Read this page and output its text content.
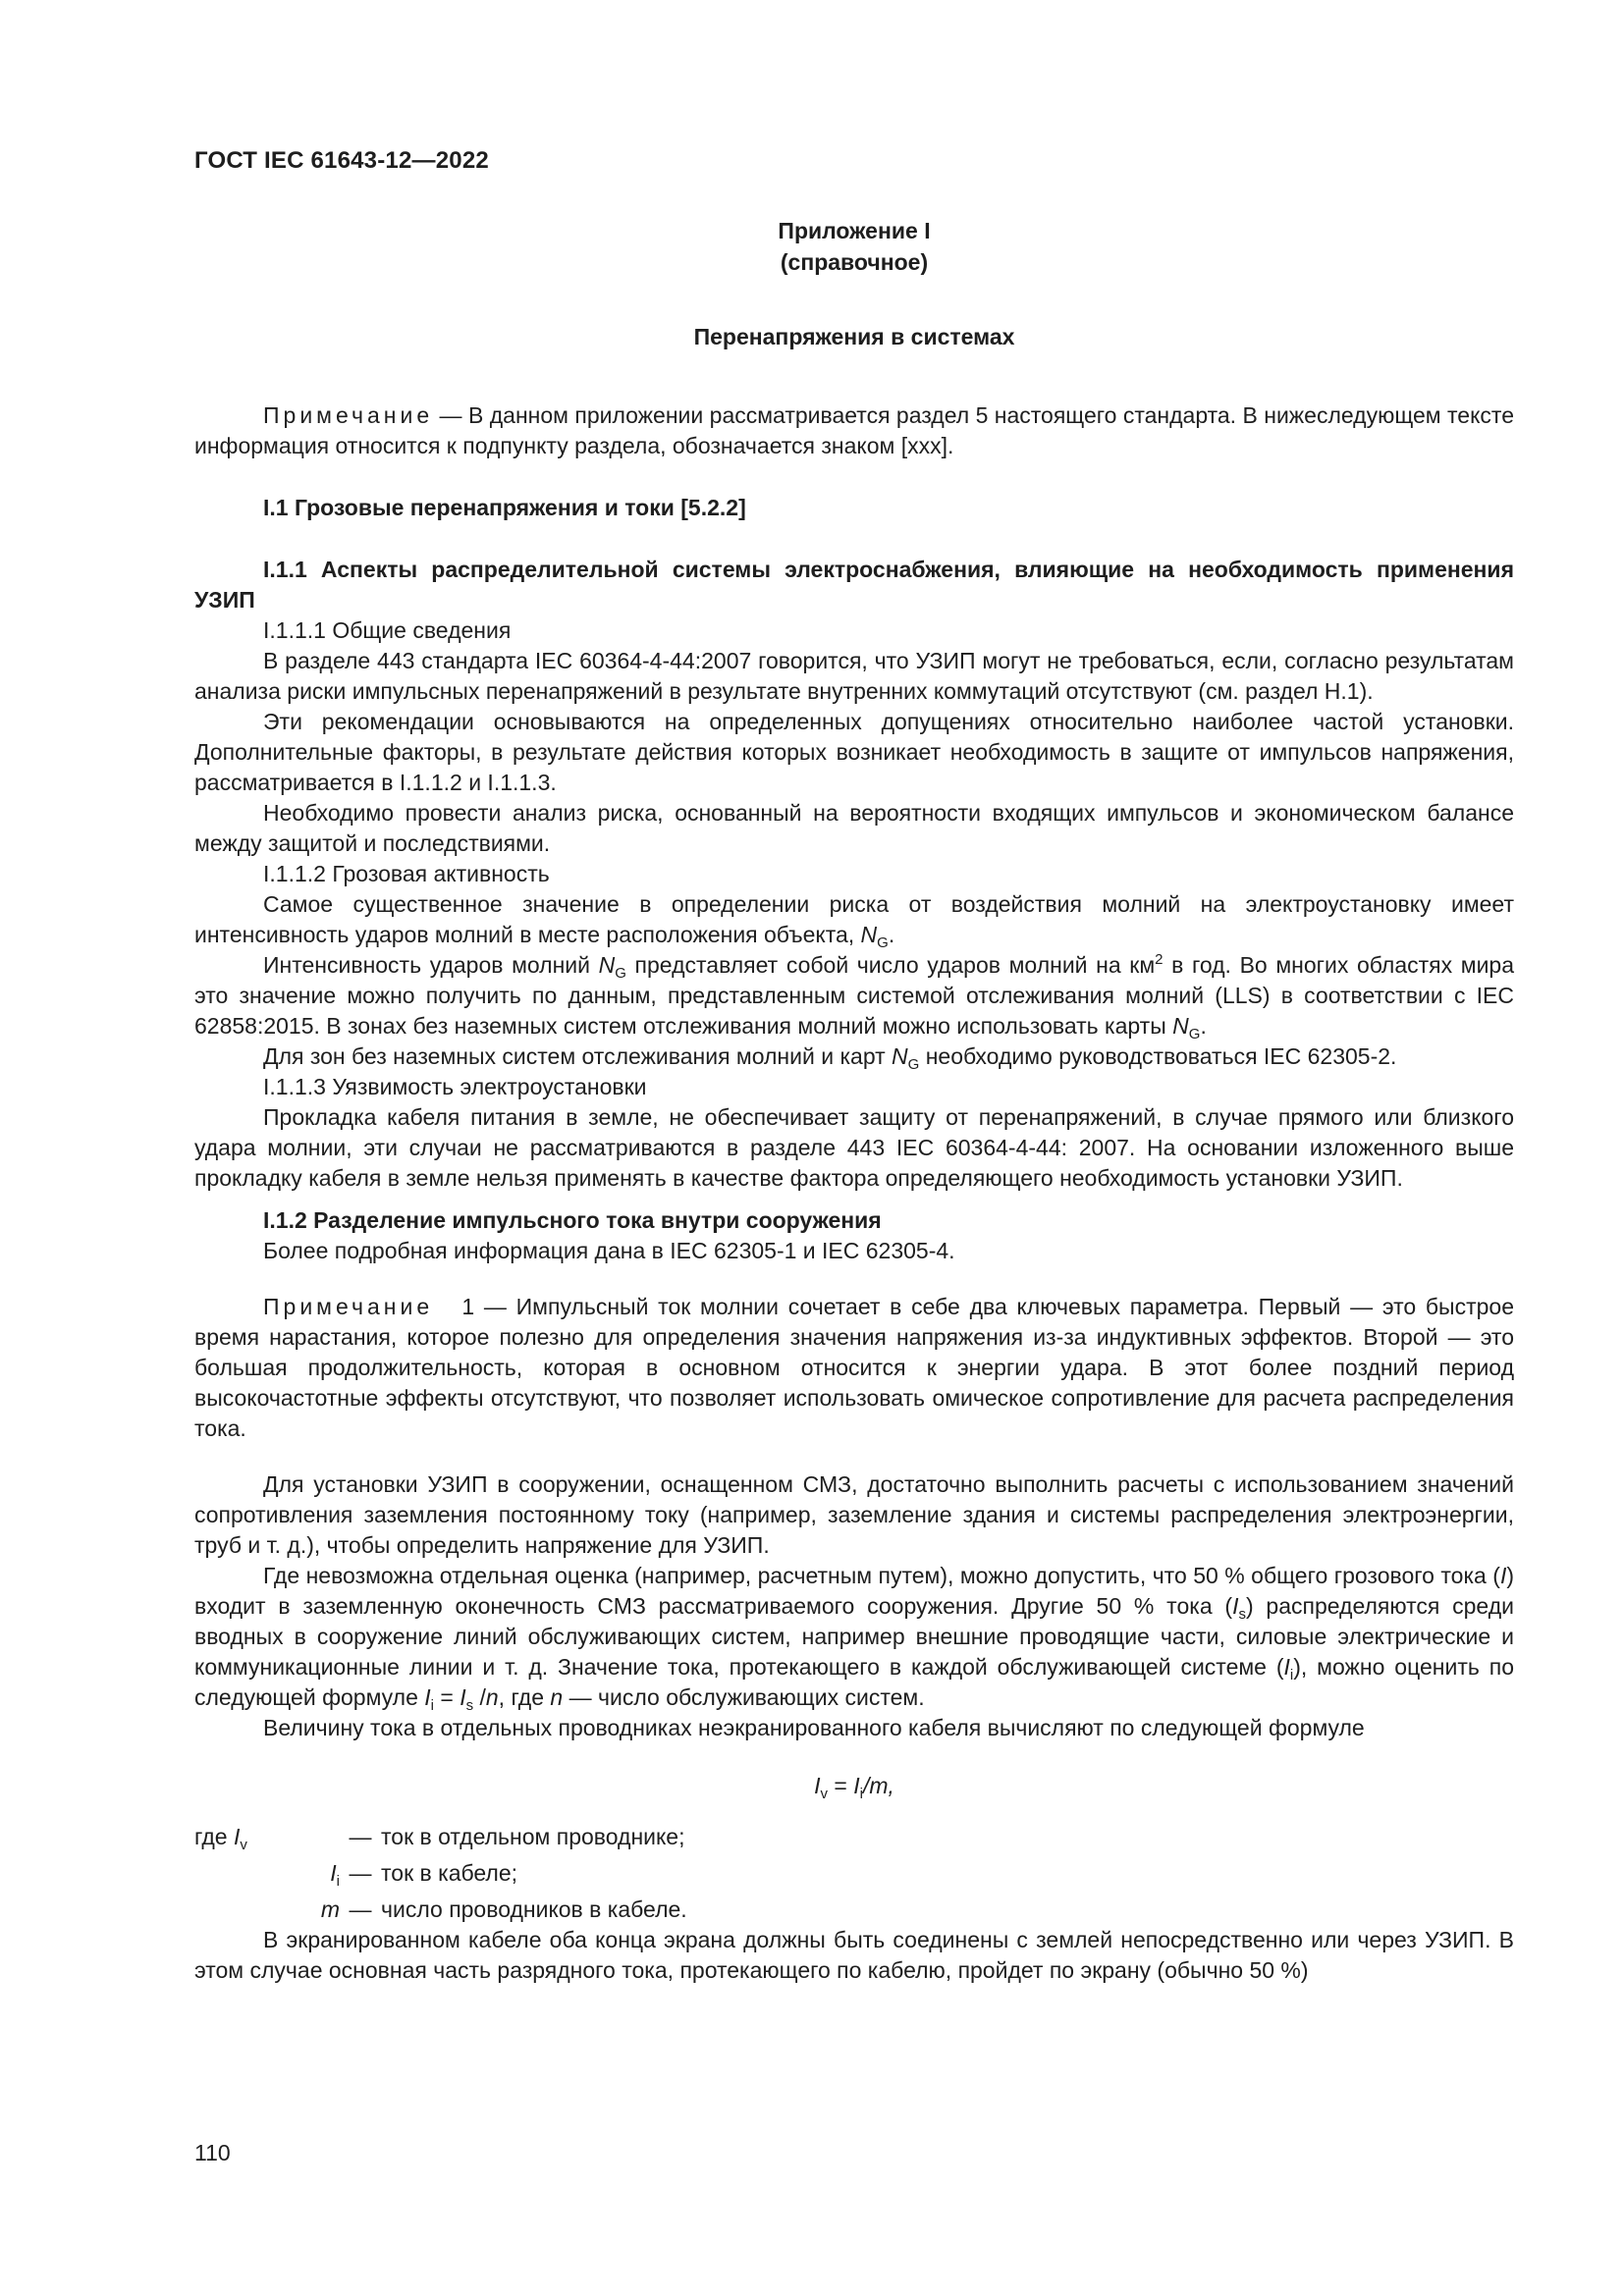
ГОСТ IEC 61643-12—2022
Приложение I
(справочное)
Перенапряжения в системах

Примечание — В данном приложении рассматривается раздел 5 настоящего стандарта. В нижеследующем тексте информация относится к подпункту раздела, обозначается знаком [ххх].

I.1 Грозовые перенапряжения и токи [5.2.2]

I.1.1 Аспекты распределительной системы электроснабжения, влияющие на необходимость применения УЗИП

I.1.1.1 Общие сведения

В разделе 443 стандарта IEC 60364-4-44:2007 говорится, что УЗИП могут не требоваться, если, согласно результатам анализа риски импульсных перенапряжений в результате внутренних коммутаций отсутствуют (см. раздел Н.1).

Эти рекомендации основываются на определенных допущениях относительно наиболее частой установки. Дополнительные факторы, в результате действия которых возникает необходимость в защите от импульсов напряжения, рассматривается в I.1.1.2 и I.1.1.3.

Необходимо провести анализ риска, основанный на вероятности входящих импульсов и экономическом балансе между защитой и последствиями.

I.1.1.2 Грозовая активность

Самое существенное значение в определении риска от воздействия молний на электроустановку имеет интенсивность ударов молний в месте расположения объекта, $N_G$.

Интенсивность ударов молний $N_G$ представляет собой число ударов молний на $км^2$ в год. Во многих областях мира это значение можно получить по данным, представленным системой отслеживания молний (LLS) в соответствии с IEC 62858:2015. В зонах без наземных систем отслеживания молний можно использовать карты $N_G$.

Для зон без наземных систем отслеживания молний и карт $N_G$ необходимо руководствоваться IEC 62305-2.

I.1.1.3 Уязвимость электроустановки

Прокладка кабеля питания в земле, не обеспечивает защиту от перенапряжений, в случае прямого или близкого удара молнии, эти случаи не рассматриваются в разделе 443 IEC 60364-4-44: 2007. На основании изложенного выше прокладку кабеля в земле нельзя применять в качестве фактора определяющего необходимость установки УЗИП.

I.1.2 Разделение импульсного тока внутри сооружения

Более подробная информация дана в IEC 62305-1 и IEC 62305-4.

Примечание 1 — Импульсный ток молнии сочетает в себе два ключевых параметра. Первый — это быстрое время нарастания, которое полезно для определения значения напряжения из-за индуктивных эффектов. Второй — это большая продолжительность, которая в основном относится к энергии удара. В этот более поздний период высокочастотные эффекты отсутствуют, что позволяет использовать омическое сопротивление для расчета распределения тока.

Для установки УЗИП в сооружении, оснащенном СМЗ, достаточно выполнить расчеты с использованием значений сопротивления заземления постоянному току (например, заземление здания и системы распределения электроэнергии, труб и т. д.), чтобы определить напряжение для УЗИП.

Где невозможна отдельная оценка (например, расчетным путем), можно допустить, что 50 % общего грозового тока (I) входит в заземленную оконечность СМЗ рассматриваемого сооружения. Другие 50 % тока $(I_s)$ распределяются среди вводных в сооружение линий обслуживающих систем, например внешние проводящие части, силовые электрические и коммуникационные линии и т. д. Значение тока, протекающего в каждой обслуживающей системе $(I_i)$, можно оценить по следующей формуле $I_i = I_s$ /n, где n — число обслуживающих систем.

Величину тока в отдельных проводниках неэкранированного кабеля вычисляют по следующей формуле

$I_v = I_i/m$,
где $I_v$	— ток в отдельном проводнике;
$I_i$ — ток в кабеле;
m — число проводников в кабеле.

В экранированном кабеле оба конца экрана должны быть соединены с землей непосредственно или через УЗИП. В этом случае основная часть разрядного тока, протекающего по кабелю, пройдет по экрану (обычно 50 %)

110
